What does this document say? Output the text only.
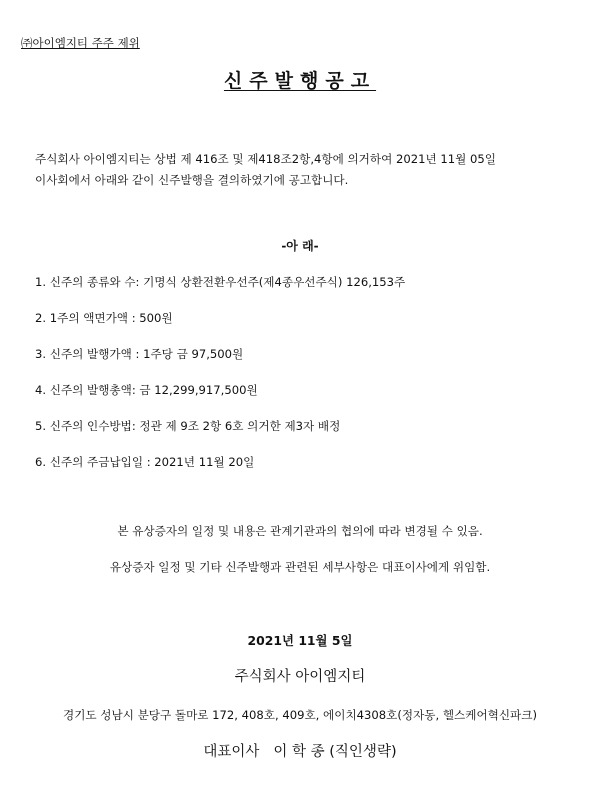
㈜아이엠지티 주주 제위
신주발행공고
주식회사 아이엠지티는 상법 제 416조 및 제418조2항,4항에 의거하여 2021년 11월 05일
이사회에서 아래와 같이 신주발행을 결의하였기에 공고합니다.
-아 래-
1. 신주의 종류와 수: 기명식 상환전환우선주(제4종우선주식) 126,153주
2. 1주의 액면가액 : 500원
3. 신주의 발행가액 : 1주당 금 97,500원
4. 신주의 발행총액: 금 12,299,917,500원
5. 신주의 인수방법: 정관 제 9조 2항 6호 의거한 제3자 배정
6. 신주의 주금납입일 : 2021년 11월 20일
본 유상증자의 일정 및 내용은 관계기관과의 협의에 따라 변경될 수 있음.
유상증자 일정 및 기타 신주발행과 관련된 세부사항은 대표이사에게 위임함.
2021년 11월 5일
주식회사 아이엠지티
경기도 성남시 분당구 돌마로 172, 408호, 409호, 에이치4308호(정자동, 헬스케어혁신파크)
대표이사 이 학 종 (직인생략)
